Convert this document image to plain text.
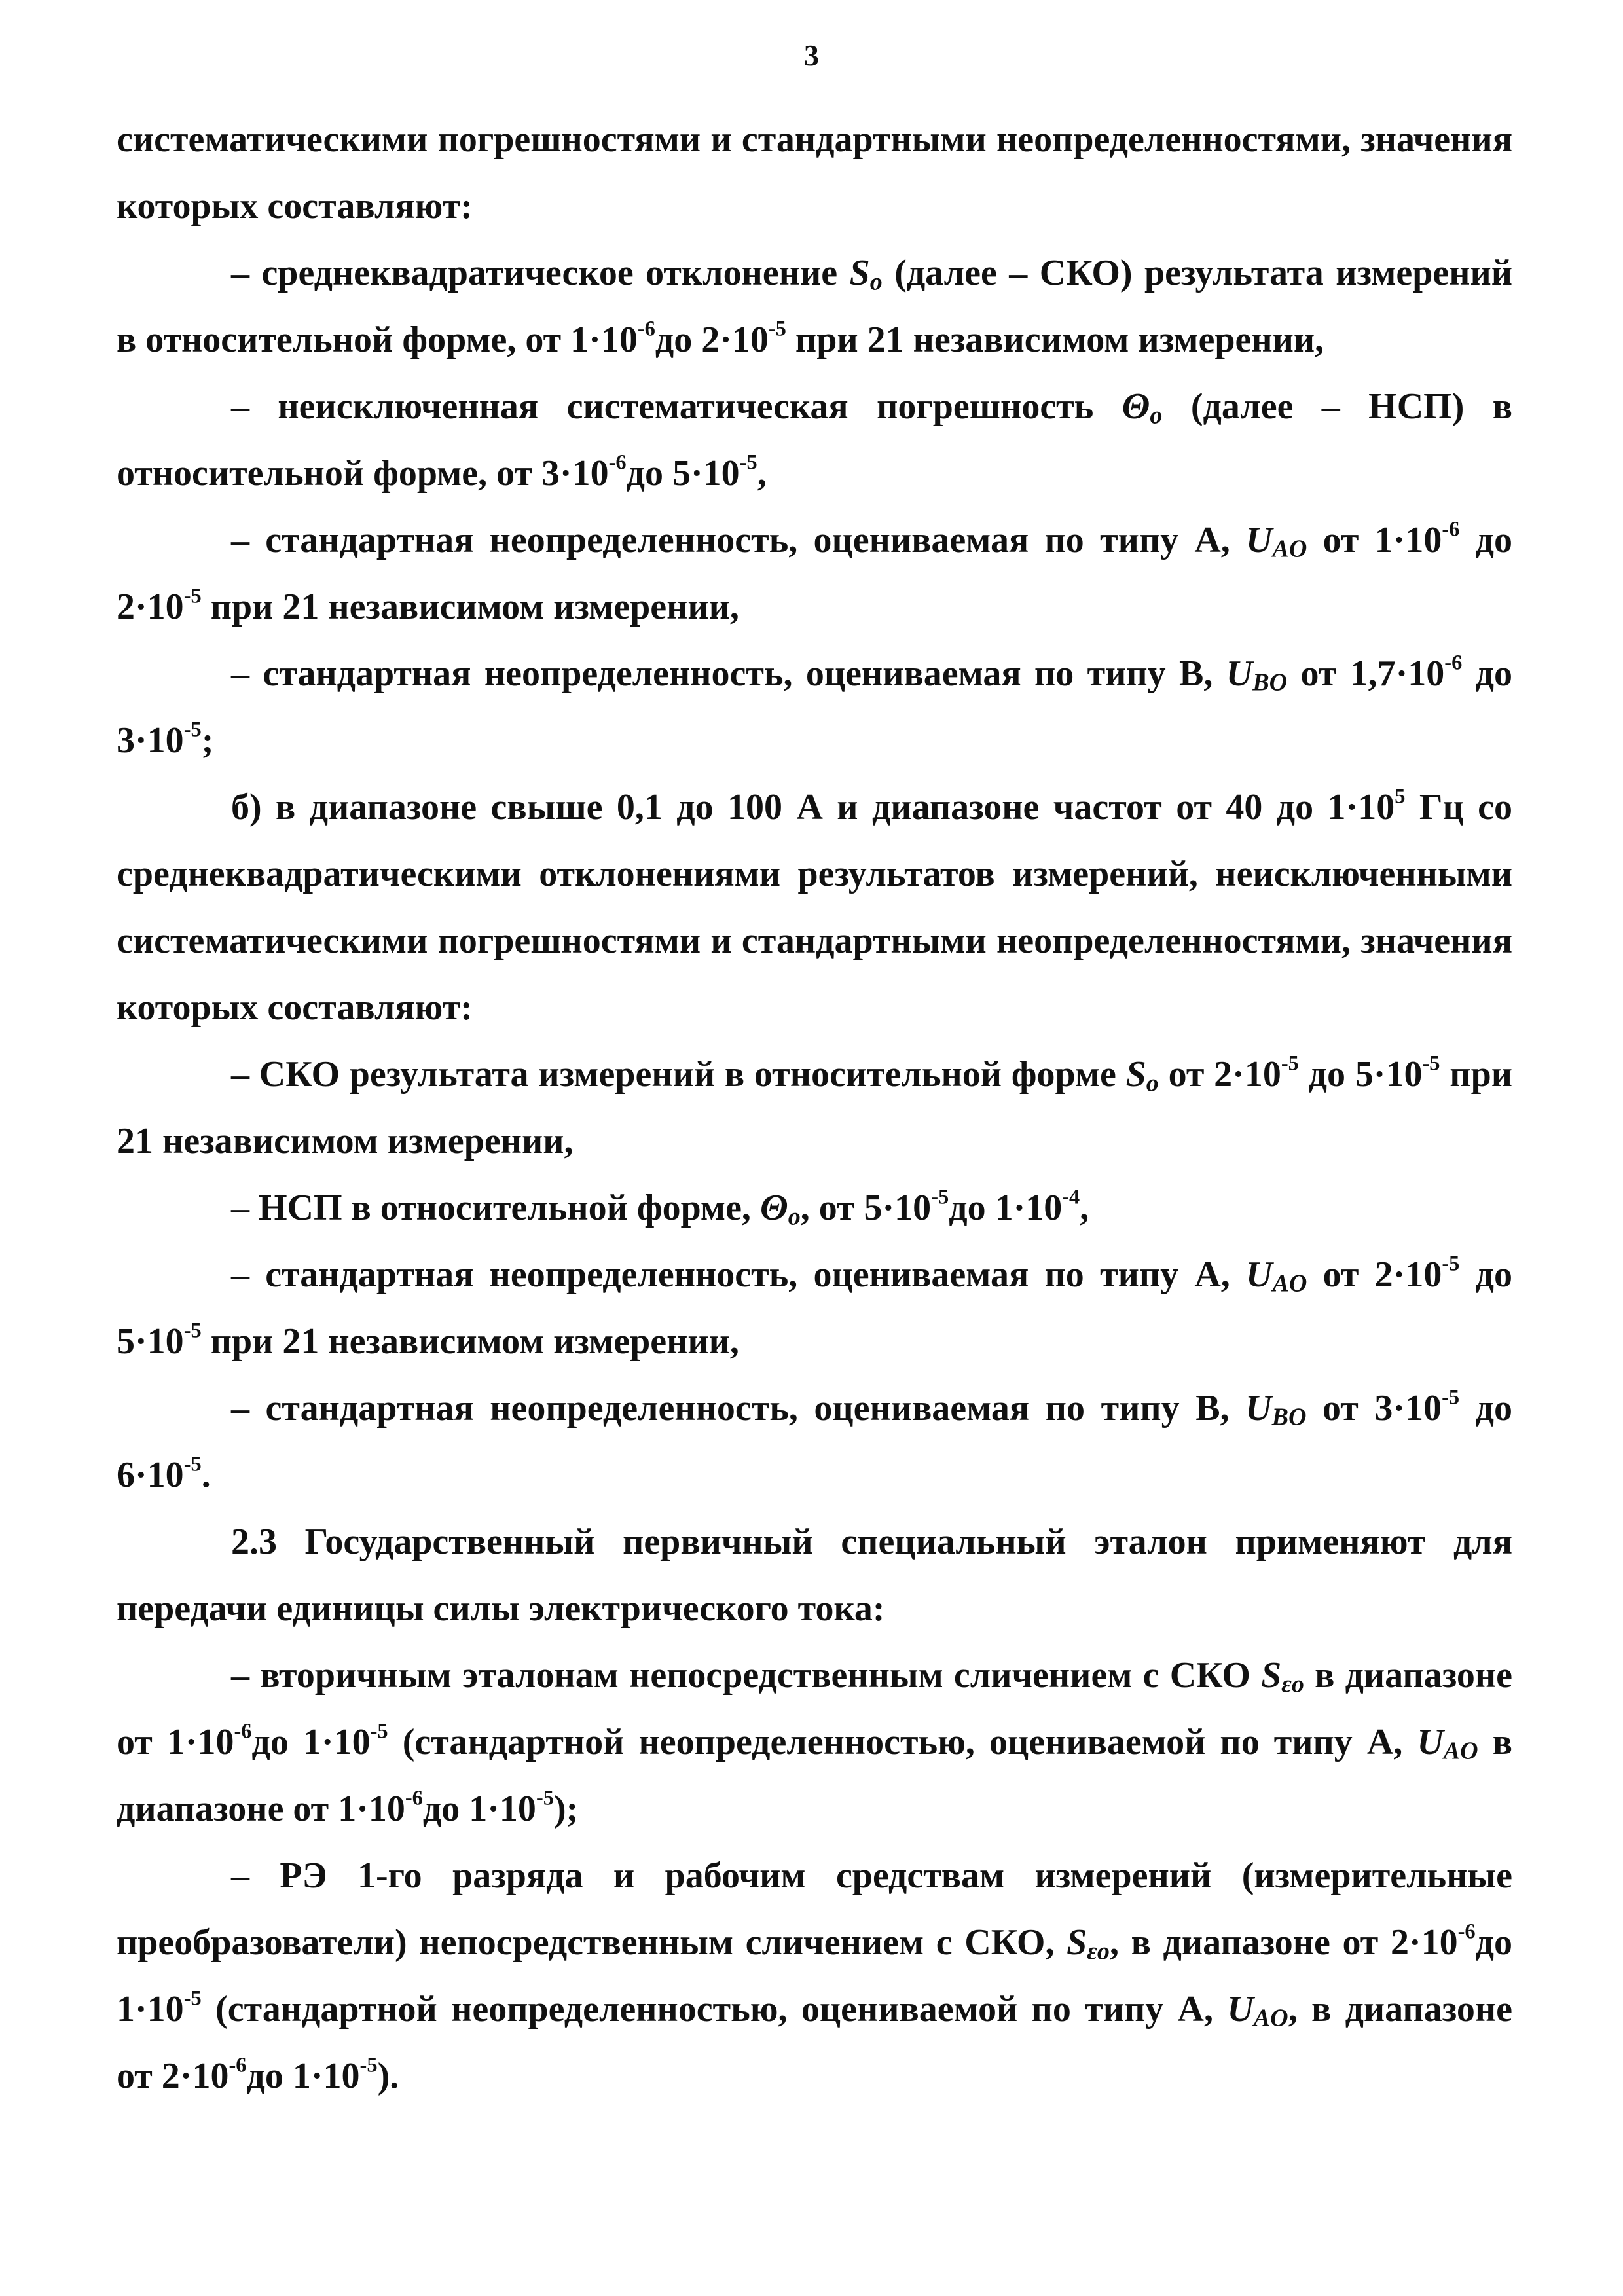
3

систематическими погрешностями и стандартными неопределенностями, значения которых составляют:

– среднеквадратическое отклонение $S_o$ (далее – СКО) результата измерений в относительной форме, от $1\cdot 10^{-6}до$ $2\cdot 10^{-5}$ при 21 независимом измерении,

– неисключенная систематическая погрешность $\Theta_o$ (далее – НСП) в относительной форме, от $3\cdot 10^{-6}до$ $5\cdot 10^{-5}$,

– стандартная неопределенность, оцениваемая по типу А, $U_{AO}$ от $1\cdot 10^{-6}$ до $2\cdot 10^{-5}$ при 21 независимом измерении,

– стандартная неопределенность, оцениваемая по типу В, $U_{BO}$ от $1,7\cdot 10^{-6}$ до $3\cdot 10^{-5}$;

б) в диапазоне свыше 0,1 до 100 А и диапазоне частот от 40 до $1\cdot 10^5$ Гц со среднеквадратическими отклонениями результатов измерений, неисключенными систематическими погрешностями и стандартными неопределенностями, значения которых составляют:

– СКО результата измерений в относительной форме $S_o$ от $2\cdot 10^{-5}$ до $5\cdot 10^{-5}$ при 21 независимом измерении,

– НСП в относительной форме, $\Theta_o$, от $5\cdot 10^{-5}до$ $1\cdot 10^{-4}$,

– стандартная неопределенность, оцениваемая по типу А, $U_{AO}$ от $2\cdot 10^{-5}$ до $5\cdot 10^{-5}$ при 21 независимом измерении,

– стандартная неопределенность, оцениваемая по типу В, $U_{BO}$ от $3\cdot 10^{-5}$ до $6\cdot 10^{-5}$.

2.3 Государственный первичный специальный эталон применяют для передачи единицы силы электрического тока:

– вторичным эталонам непосредственным сличением с СКО $S_{\varepsilon o}$ в диапазоне от $1\cdot 10^{-6}до$ $1\cdot 10^{-5}$ (стандартной неопределенностью, оцениваемой по типу А, $U_{AO}$ в диапазоне от $1\cdot 10^{-6}до$ $1\cdot 10^{-5}$);

– РЭ 1-го разряда и рабочим средствам измерений (измерительные преобразователи) непосредственным сличением с СКО, $S_{\varepsilon o}$, в диапазоне от $2\cdot 10^{-6}до$ $1\cdot 10^{-5}$ (стандартной неопределенностью, оцениваемой по типу А, $U_{AO}$, в диапазоне от $2\cdot 10^{-6}до$ $1\cdot 10^{-5}$).
